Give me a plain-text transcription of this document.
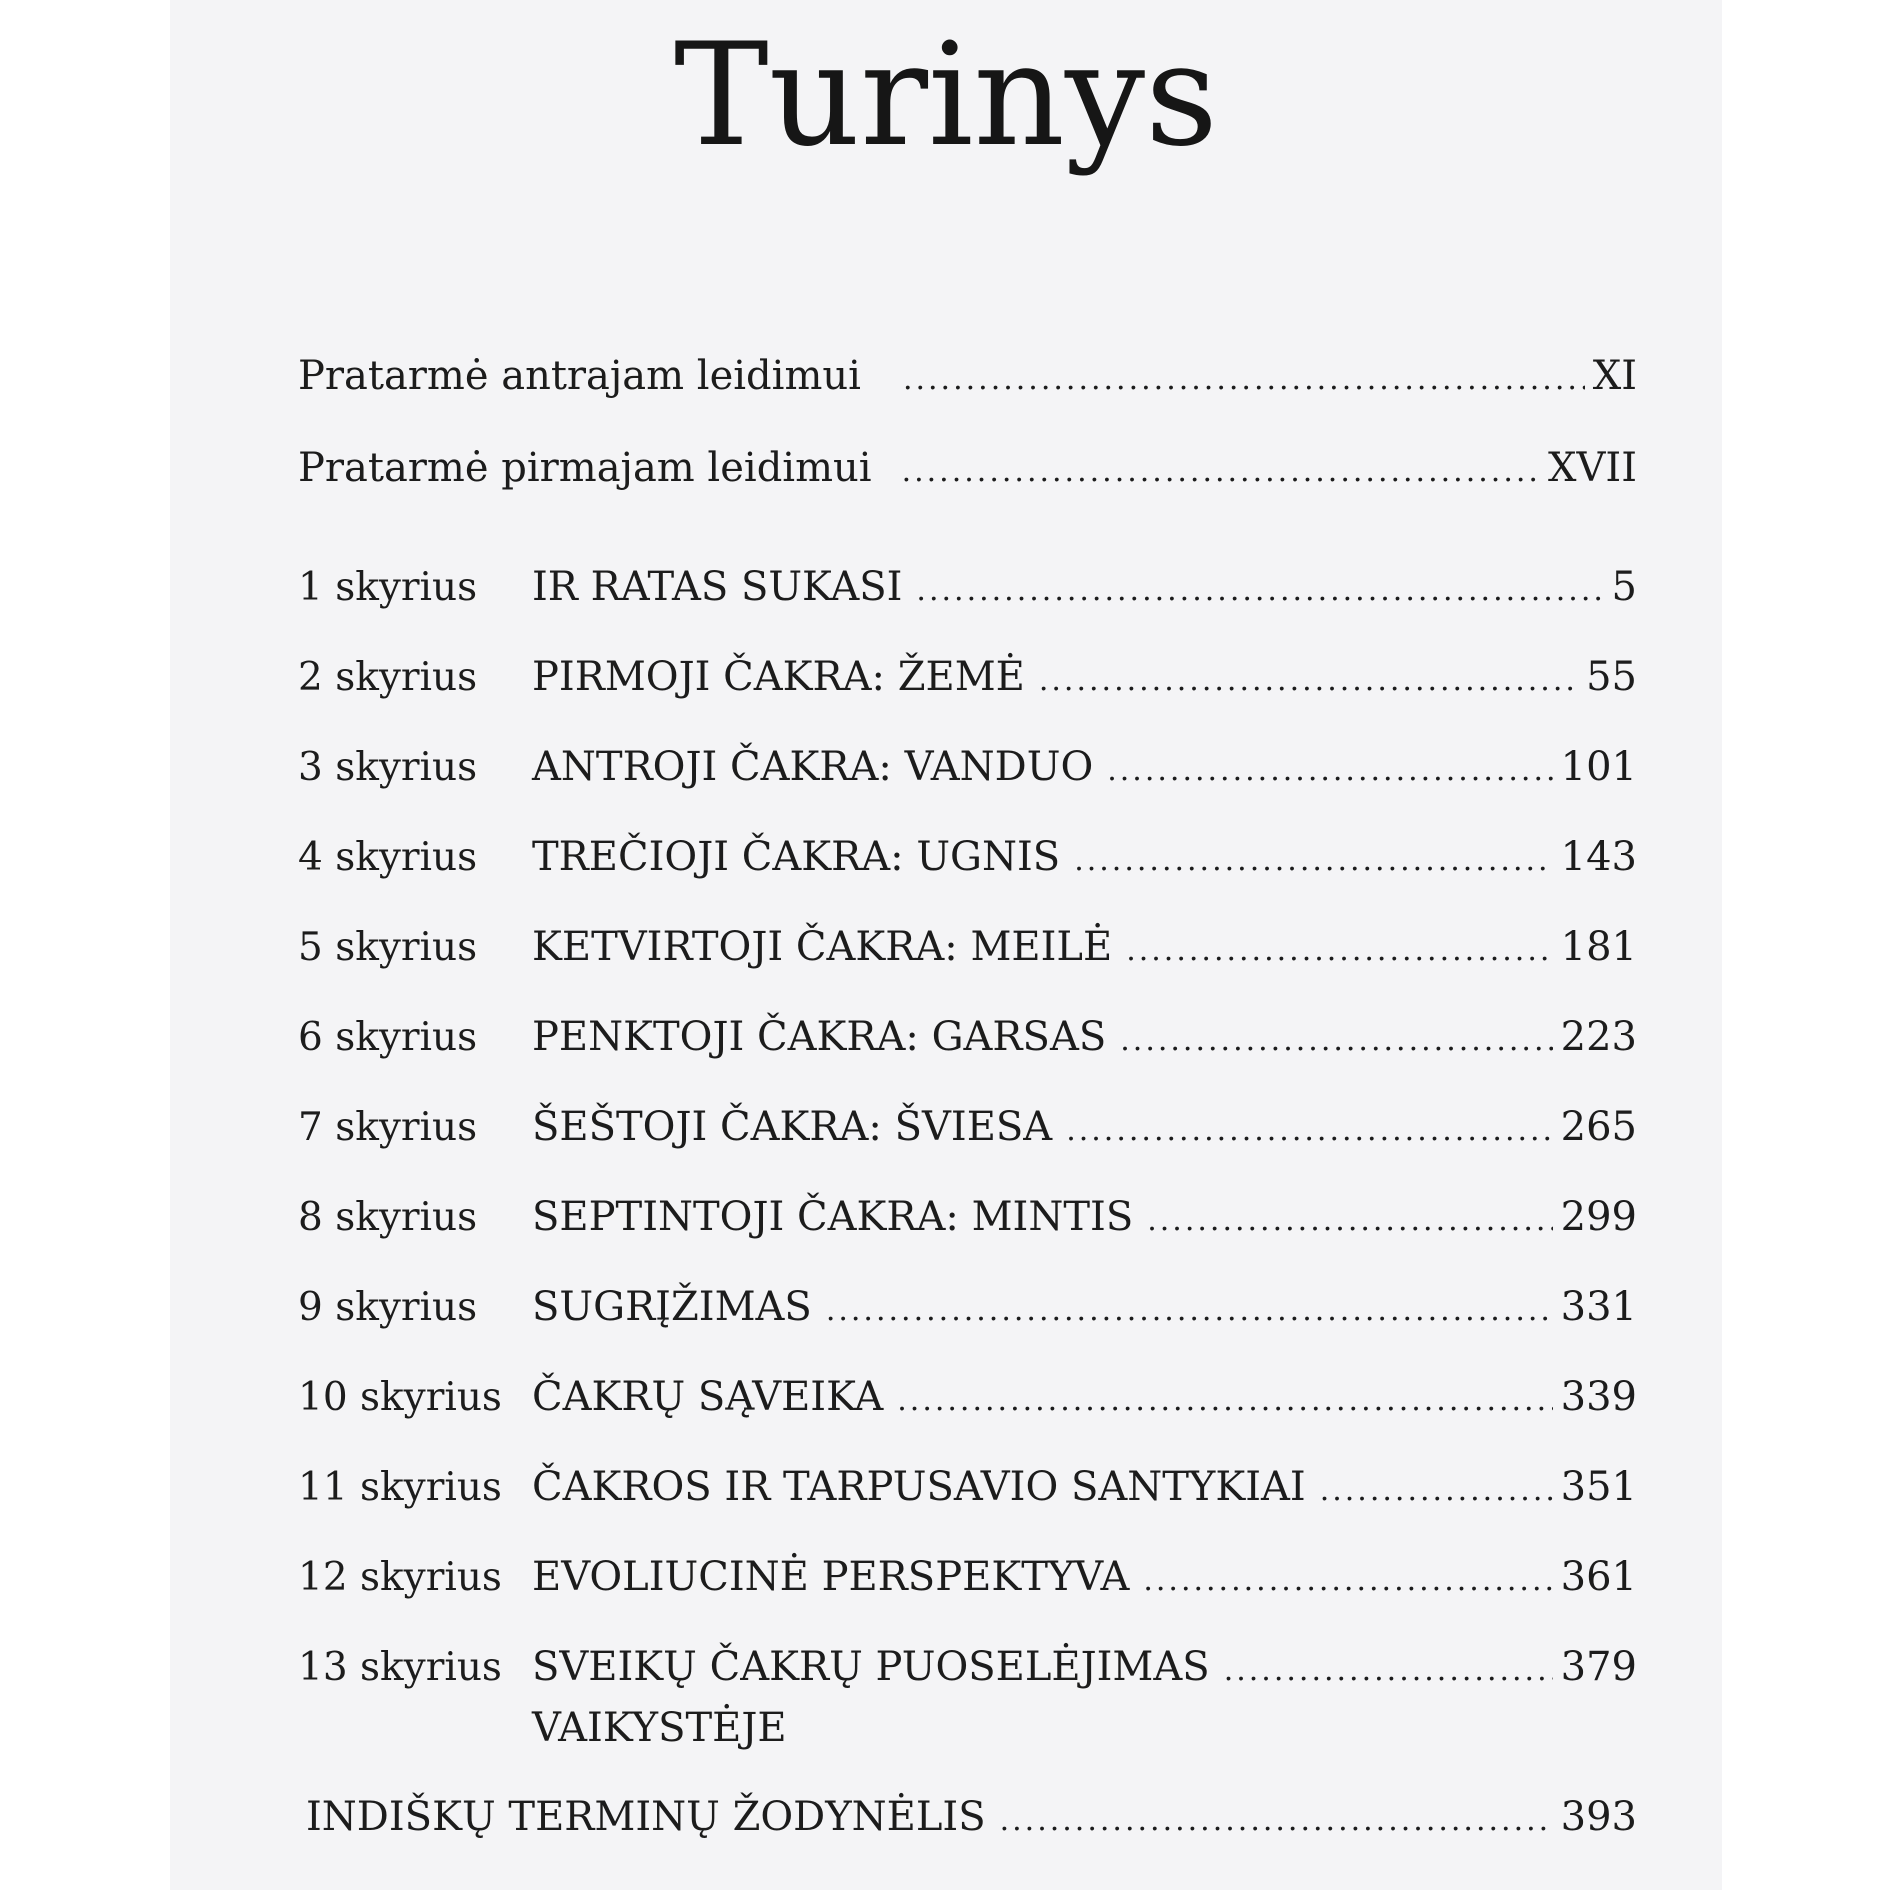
Turinys
Pratarmė antrajam leidimui .....	XI
Pratarmė pirmajam leidimui .....	XVII
1 skyrius	IR RATAS SUKASI .....	5
2 skyrius	PIRMOJI ČAKRA: ŽEMĖ .....	55
3 skyrius	ANTROJI ČAKRA: VANDUO .....	101
4 skyrius	TREČIOJI ČAKRA: UGNIS .....	143
5 skyrius	KETVIRTOJI ČAKRA: MEILĖ .....	181
6 skyrius	PENKTOJI ČAKRA: GARSAS .....	223
7 skyrius	ŠEŠTOJI ČAKRA: ŠVIESA .....	265
8 skyrius	SEPTINTOJI ČAKRA: MINTIS .....	299
9 skyrius	SUGRĮŽIMAS .....	331
10 skyrius ČAKRŲ SĄVEIKA .....	339
11 skyrius ČAKROS IR TARPUSAVIO SANTYKIAI .....	351
12 skyrius EVOLIUCINĖ PERSPEKTYVA .....	361
13 skyrius SVEIKŲ ČAKRŲ PUOSELĖJIMAS .....	379
VAIKYSTĖJE
INDIŠKŲ TERMINŲ ŽODYNĖLIS .....	393
